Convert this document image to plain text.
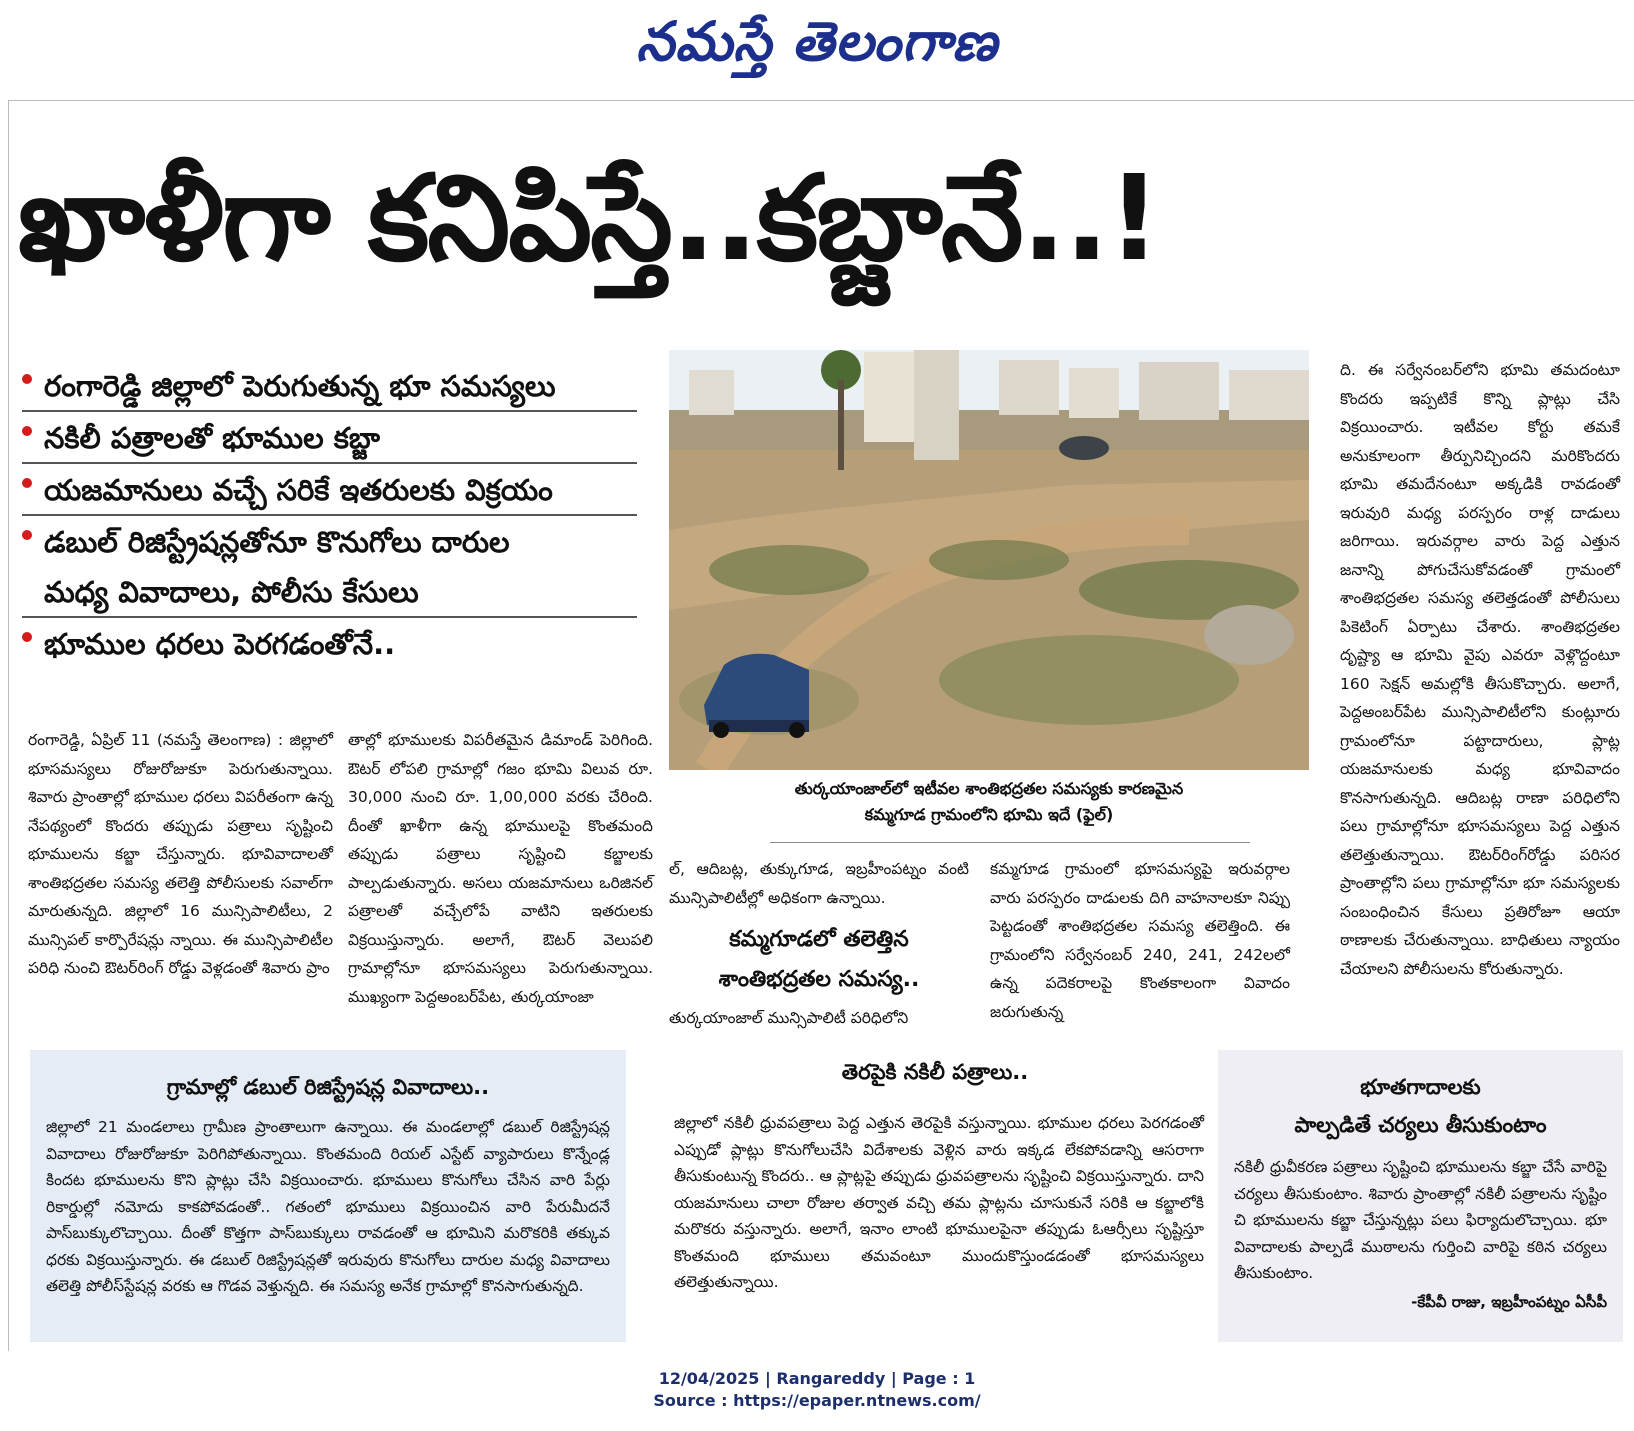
నమస్తే తెలంగాణ
ఖాళీగా కనిపిస్తే..కబ్జానే..!
రంగారెడ్డి జిల్లాలో పెరుగుతున్న భూ సమస్యలు
నకిలీ పత్రాలతో భూముల కబ్జా
యజమానులు వచ్చే సరికే ఇతరులకు విక్రయం
డబుల్ రిజిస్ట్రేషన్లతోనూ కొనుగోలు దారుల
మధ్య వివాదాలు, పోలీసు కేసులు
భూముల ధరలు పెరగడంతోనే..
తుర్కయాంజాల్‌లో ఇటీవల శాంతిభద్రతల సమస్యకు కారణమైన
కమ్మగూడ గ్రామంలోని భూమి ఇదే (ఫైల్)

రంగారెడ్డి, ఏప్రిల్ 11 (నమస్తే తెలంగాణ) : జిల్లాలో భూసమస్యలు రోజురోజుకూ పెరుగుతున్నాయి. శివారు ప్రాంతాల్లో భూముల ధరలు విపరీతంగా ఉన్న నేపథ్యంలో కొందరు తప్పుడు పత్రాలు సృష్టించి భూములను కబ్జా చేస్తున్నారు. భూవివాదాలతో శాంతిభద్రతల సమస్య తలెత్తి పోలీసులకు సవాల్‌గా మారుతున్నది. జిల్లాలో 16 మున్సిపాలిటీలు, 2 మున్సిపల్ కార్పొరేషన్లు న్నాయి. ఈ మున్సిపాలిటీల పరిధి నుంచి ఔటర్‌రింగ్ రోడ్డు వెళ్లడంతో శివారు ప్రాం

తాల్లో భూములకు విపరీతమైన డిమాండ్ పెరిగింది. ఔటర్ లోపలి గ్రామాల్లో గజం భూమి విలువ రూ. 30,000 నుంచి రూ. 1,00,000 వరకు చేరింది. దీంతో ఖాళీగా ఉన్న భూములపై కొంతమంది తప్పుడు పత్రాలు సృష్టించి కబ్జాలకు పాల్పడుతున్నారు. అసలు యజమానులు ఒరిజినల్ పత్రాలతో వచ్చేలోపే వాటిని ఇతరులకు విక్రయిస్తున్నారు. అలాగే, ఔటర్ వెలుపలి గ్రామాల్లోనూ భూసమస్యలు పెరుగుతున్నాయి. ముఖ్యంగా పెద్దఅంబర్‌పేట, తుర్కయాంజా

ల్, ఆదిబట్ల, తుక్కుగూడ, ఇబ్రహీంపట్నం వంటి మున్సిపాలిటీల్లో అధికంగా ఉన్నాయి.

కమ్మగూడలో తలెత్తిన
శాంతిభద్రతల సమస్య..

తుర్కయాంజాల్ మున్సిపాలిటీ పరిధిలోని

కమ్మగూడ గ్రామంలో భూసమస్యపై ఇరువర్గాల వారు పరస్పరం దాడులకు దిగి వాహనాలకూ నిప్పు పెట్టడంతో శాంతిభద్రతల సమస్య తలెత్తింది. ఈ గ్రామంలోని సర్వేనంబర్ 240, 241, 242లలో ఉన్న పదెకరాలపై కొంతకాలంగా వివాదం జరుగుతున్న

ది. ఈ సర్వేనంబర్‌లోని భూమి తమదంటూ కొందరు ఇప్పటికే కొన్ని ప్లాట్లు చేసి విక్రయించారు. ఇటీవల కోర్టు తమకే అనుకూలంగా తీర్పునిచ్చిందని మరికొందరు భూమి తమదేనంటూ అక్కడికి రావడంతో ఇరువురి మధ్య పరస్పరం రాళ్ల దాడులు జరిగాయి. ఇరువర్గాల వారు పెద్ద ఎత్తున జనాన్ని పోగుచేసుకోవడంతో గ్రామంలో శాంతిభద్రతల సమస్య తలెత్తడంతో పోలీసులు పికెటింగ్ ఏర్పాటు చేశారు. శాంతిభద్రతల దృష్ట్యా ఆ భూమి వైపు ఎవరూ వెళ్లొద్దంటూ 160 సెక్షన్ అమల్లోకి తీసుకొచ్చారు. అలాగే, పెద్దఅంబర్‌పేట మున్సిపాలిటీలోని కుంట్లూరు గ్రామంలోనూ పట్టాదారులు, ప్లాట్ల యజమానులకు మధ్య భూవివాదం కొనసాగుతున్నది. ఆదిబట్ల రాణా పరిధిలోని పలు గ్రామాల్లోనూ భూసమస్యలు పెద్ద ఎత్తున తలెత్తుతున్నాయి. ఔటర్‌రింగ్‌రోడ్డు పరిసర ప్రాంతాల్లోని పలు గ్రామాల్లోనూ భూ సమస్యలకు సంబంధించిన కేసులు ప్రతిరోజూ ఆయా ఠాణాలకు చేరుతున్నాయి. బాధితులు న్యాయం చేయాలని పోలీసులను కోరుతున్నారు.

గ్రామాల్లో డబుల్ రిజిస్ట్రేషన్ల వివాదాలు..
జిల్లాలో 21 మండలాలు గ్రామీణ ప్రాంతాలుగా ఉన్నాయి. ఈ మండలాల్లో డబుల్ రిజిస్ట్రేషన్ల వివాదాలు రోజురోజుకూ పెరిగిపోతున్నాయి. కొంతమంది రియల్ ఎస్టేట్ వ్యాపారులు కొన్నేండ్ల కిందట భూములను కొని ప్లాట్లు చేసి విక్రయించారు. భూములు కొనుగోలు చేసిన వారి పేర్లు రికార్డుల్లో నమోదు కాకపోవడంతో.. గతంలో భూములు విక్రయించిన వారి పేరుమీదనే పాస్‌బుక్కులొచ్చాయి. దీంతో కొత్తగా పాస్‌బుక్కులు రావడంతో ఆ భూమిని మరొకరికి తక్కువ ధరకు విక్రయిస్తున్నారు. ఈ డబుల్ రిజిస్ట్రేషన్లతో ఇరువురు కొనుగోలు దారుల మధ్య వివాదాలు తలెత్తి పోలీస్‌స్టేషన్ల వరకు ఆ గొడవ వెళ్తున్నది. ఈ సమస్య అనేక గ్రామాల్లో కొనసాగుతున్నది.
తెరపైకి నకిలీ పత్రాలు..
జిల్లాలో నకిలీ ధ్రువపత్రాలు పెద్ద ఎత్తున తెరపైకి వస్తున్నాయి. భూముల ధరలు పెరగడంతో ఎప్పుడో ప్లాట్లు కొనుగోలుచేసి విదేశాలకు వెళ్లిన వారు ఇక్కడ లేకపోవడాన్ని ఆసరాగా తీసుకుంటున్న కొందరు.. ఆ ప్లాట్లపై తప్పుడు ధ్రువపత్రాలను సృష్టించి విక్రయిస్తున్నారు. దాని యజమానులు చాలా రోజుల తర్వాత వచ్చి తమ ప్లాట్లను చూసుకునే సరికి ఆ కబ్జాలోకి మరొకరు వస్తున్నారు. అలాగే, ఇనాం లాంటి భూములపైనా తప్పుడు ఓఆర్సీలు సృష్టిస్తూ కొంతమంది భూములు తమవంటూ ముందుకొస్తుండడంతో భూసమస్యలు తలెత్తుతున్నాయి.
భూతగాదాలకు
పాల్పడితే చర్యలు తీసుకుంటాం
నకిలీ ధ్రువీకరణ పత్రాలు సృష్టించి భూములను కబ్జా చేసే వారిపై చర్యలు తీసుకుంటాం. శివారు ప్రాంతాల్లో నకిలీ పత్రాలను సృష్టిం చి భూములను కబ్జా చేస్తున్నట్లు పలు ఫిర్యాదులొచ్చాయి. భూ వివాదాలకు పాల్పడే ముఠాలను గుర్తించి వారిపై కఠిన చర్యలు తీసుకుంటాం.
-కేపీవీ రాజు, ఇబ్రహీంపట్నం ఏసీపీ
12/04/2025 | Rangareddy | Page : 1
Source : https://epaper.ntnews.com/
